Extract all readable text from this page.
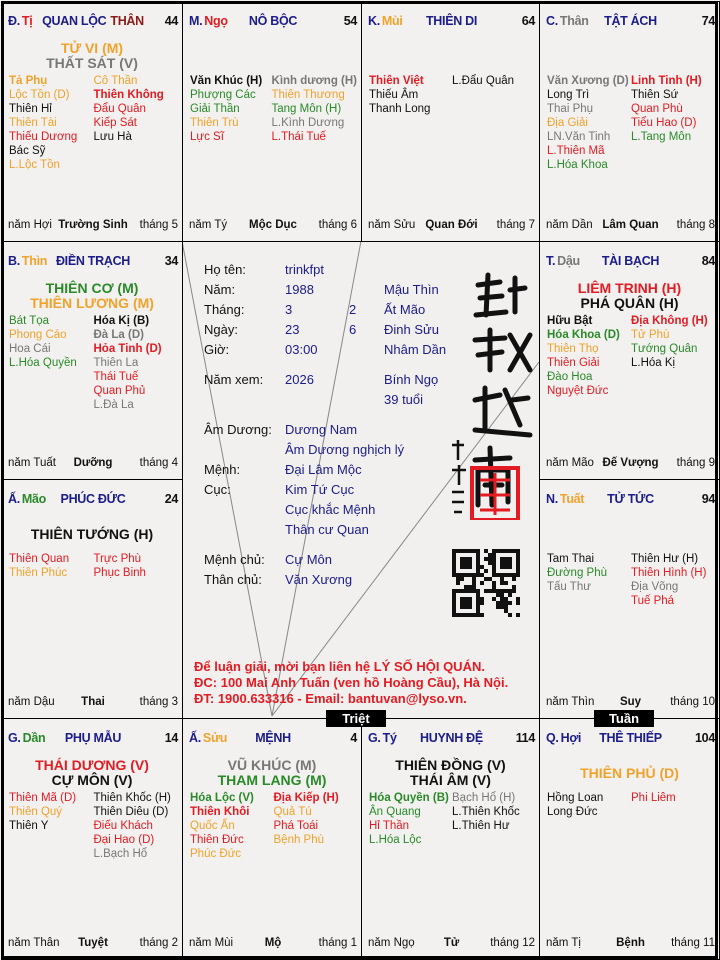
QUAN LỘC THÂN
Đ. Tị	44
TỬ VI (M)
THẤT SÁT (V)
Tả Phụ
Lộc Tồn (D)
Thiên Hỉ
Thiên Tài
Thiếu Dương
Bác Sỹ
L.Lộc Tồn
Cô Thần
Thiên Không
Đẩu Quân
Kiếp Sát
Lưu Hà
năm Hợi Trường Sinh	tháng 5
NÔ BỘC
M. Ngọ	54
Văn Khúc (H)
Phượng Các
Giải Thần
Thiên Trù
Lực Sĩ
Kình dương (H)
Thiên Thương
Tang Môn (H)
L.Kình Dương
L.Thái Tuế
năm Tý	Mộc Dục	tháng 6
THIÊN DI
K. Mùi	64
Thiên Việt
Thiếu Âm
Thanh Long
L.Đẩu Quân
năm Sửu Quan Đới	tháng 7
TẬT ÁCH
C. Thân	74
Văn Xương (D)
Long Trì
Thai Phụ
Địa Giải
LN.Văn Tinh
L.Thiên Mã
L.Hóa Khoa
Linh Tinh (H)
Thiên Sứ
Quan Phù
Tiểu Hao (D)
L.Tang Môn
năm Dần Lâm Quan	tháng 8
ĐIỀN TRẠCH
B. Thìn	34
THIÊN CƠ (M)
THIÊN LƯƠNG (M)
Bát Tọa
Phong Cáo
Hoa Cái
L.Hóa Quyền
Hóa Kị (B)
Đà La (D)
Hỏa Tinh (D)
Thiên La
Thái Tuế
Quan Phủ
L.Đà La
năm Tuất	Dưỡng	tháng 4
TÀI BẠCH
T. Dậu	84
LIÊM TRINH (H)
PHÁ QUÂN (H)
Hữu Bật
Hóa Khoa (D)
Thiên Thọ
Thiên Giải
Đào Hoa
Nguyệt Đức
Địa Không (H)
Tử Phù
Tướng Quân
L.Hóa Kị
năm Mão Đế Vượng	tháng 9
PHÚC ĐỨC
Ấ. Mão	24
THIÊN TƯỚNG (H)
Thiên Quan
Thiên Phúc
Trực Phù
Phục Binh
năm Dậu	Thai	tháng 3
TỬ TỨC
N. Tuất	94
Tam Thai
Đường Phù
Tấu Thư
Thiên Hư (H)
Thiên Hình (H)
Địa Võng
Tuế Phá
năm Thìn	Suy	tháng 10
PHỤ MẪU
G. Dần	14
THÁI DƯƠNG (V)
CỰ MÔN (V)
Thiên Mã (D)
Thiên Quý
Thiên Y
Thiên Khốc (H)
Thiên Diêu (D)
Điếu Khách
Đại Hao (D)
L.Bạch Hổ
năm Thân	Tuyệt	tháng 2
MỆNH
Ấ. Sửu	4
VŨ KHÚC (M)
THAM LANG (M)
Hóa Lộc (V)
Thiên Khôi
Quốc Ấn
Thiên Đức
Phúc Đức
Địa Kiếp (H)
Quả Tú
Phá Toái
Bệnh Phù
năm Mùi	Mộ	tháng 1
HUYNH ĐỆ
G. Tý	114
THIÊN ĐỒNG (V)
THÁI ÂM (V)
Hóa Quyền (B)
Ân Quang
Hỉ Thần
L.Hóa Lộc
Bạch Hổ (H)
L.Thiên Khốc
L.Thiên Hư
năm Ngọ	Tử	tháng 12
THÊ THIẾP
Q. Hợi	104
THIÊN PHỦ (D)
Hồng Loan
Long Đức
Phi Liêm
năm Tị	Bệnh	tháng 11
Họ tên:	trinkfpt
Năm:	1988	Mậu Thìn
Tháng:	3	2 Ất Mão
Ngày:	23	6 Đinh Sửu
Giờ:	03:00	Nhâm Dần
Năm xem: 2026	Bính Ngọ
39 tuổi
Âm Dương: Dương Nam
Âm Dương nghịch lý
Mệnh:	Đại Lâm Mộc
Cục:	Kim Tứ Cục
Cục khắc Mệnh
Thân cư Quan
Mệnh chủ: Cự Môn
Thân chủ: Văn Xương
Để luận giải, mời bạn liên hệ LÝ SỐ HỘI QUÁN.
ĐC: 100 Mai Anh Tuấn (ven hồ Hoàng Cầu), Hà Nội.
ĐT: 1900.633316 - Email: bantuvan@lyso.vn.
Triệt	Tuần
